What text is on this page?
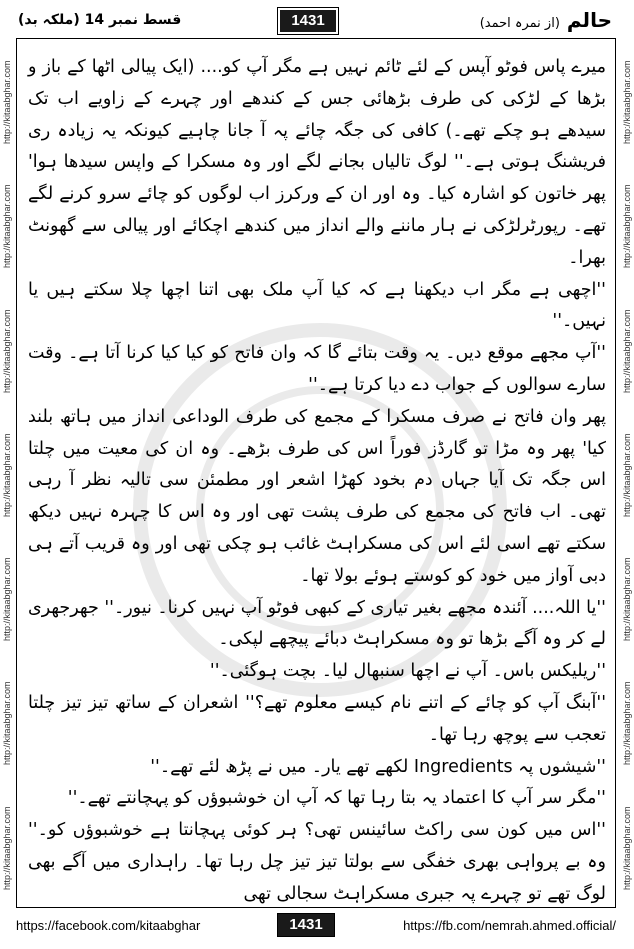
حالم (از نمرہ احمد)
1431
قسط نمبر 14 (ملکہ بد)
http://kitaabghar.com
http://kitaabghar.com
http://kitaabghar.com
http://kitaabghar.com
http://kitaabghar.com
http://kitaabghar.com
http://kitaabghar.com
http://kitaabghar.com
http://kitaabghar.com
http://kitaabghar.com
http://kitaabghar.com
http://kitaabghar.com
http://kitaabghar.com
http://kitaabghar.com

میرے پاس فوٹو آپس کے لئے ٹائم نہیں ہے مگر آپ کو.... (ایک پیالی اٹھا کے باز و بڑھا کے لڑکی کی طرف بڑھائی جس کے کندھے اور چہرے کے زاویے اب تک سیدھے ہو چکے تھے۔) کافی کی جگہ چائے پہ آ جانا چاہیے کیونکہ یہ زیادہ ری فریشنگ ہوتی ہے۔'' لوگ تالیاں بجانے لگے اور وہ مسکرا کے واپس سیدھا ہوا' پھر خاتون کو اشارہ کیا۔ وہ اور ان کے ورکرز اب لوگوں کو چائے سرو کرنے لگے تھے۔ رپورٹرلڑکی نے ہار ماننے والے انداز میں کندھے اچکائے اور پیالی سے گھونٹ بھرا۔

''اچھی ہے مگر اب دیکھنا ہے کہ کیا آپ ملک بھی اتنا اچھا چلا سکتے ہیں یا نہیں۔''

''آپ مجھے موقع دیں۔ یہ وقت بتائے گا کہ وان فاتح کو کیا کیا کرنا آتا ہے۔ وقت سارے سوالوں کے جواب دے دیا کرتا ہے۔''

پھر وان فاتح نے صرف مسکرا کے مجمع کی طرف الوداعی انداز میں ہاتھ بلند کیا' پھر وہ مڑا تو گارڈز فوراً اس کی طرف بڑھے۔ وہ ان کی معیت میں چلتا اس جگہ تک آیا جہاں دم بخود کھڑا اشعر اور مطمئن سی تالیہ نظر آ رہی تھی۔ اب فاتح کی مجمع کی طرف پشت تھی اور وہ اس کا چہرہ نہیں دیکھ سکتے تھے اسی لئے اس کی مسکراہٹ غائب ہو چکی تھی اور وہ قریب آتے ہی دبی آواز میں خود کو کوستے ہوئے بولا تھا۔

''یا اللہ.... آئندہ مجھے بغیر تیاری کے کبھی فوٹو آپ نہیں کرنا۔ نیور۔'' جھرجھری لے کر وہ آگے بڑھا تو وہ مسکراہٹ دبائے پیچھے لپکی۔

''ریلیکس باس۔ آپ نے اچھا سنبھال لیا۔ بچت ہوگئی۔''

''آبنگ آپ کو چائے کے اتنے نام کیسے معلوم تھے؟'' اشعران کے ساتھ تیز تیز چلتا تعجب سے پوچھ رہا تھا۔

''شیشوں پہ Ingredients لکھے تھے یار۔ میں نے پڑھ لئے تھے۔''

''مگر سر آپ کا اعتماد یہ بتا رہا تھا کہ آپ ان خوشبوؤں کو پہچانتے تھے۔''

''اس میں کون سی راکٹ سائینس تھی؟ ہر کوئی پہچانتا ہے خوشبوؤں کو۔'' وہ بے پرواہی بھری خفگی سے بولتا تیز تیز چل رہا تھا۔ راہداری میں آگے بھی لوگ تھے تو چہرے پہ جبری مسکراہٹ سجالی تھی

https://facebook.com/kitaabghar	1431	https://fb.com/nemrah.ahmed.official/
